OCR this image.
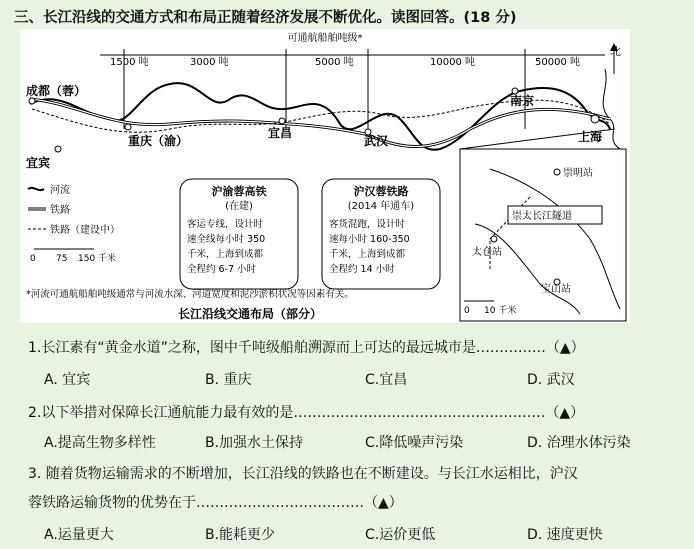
三、长江沿线的交通方式和布局正随着经济发展不断优化。读图回答。(18 分)
可通航船舶吨级*
1500 吨	3000 吨	5000 吨	10000 吨	50000 吨
北
成都（蓉）
宜宾
重庆（渝）
宜昌
武汉
南京
上海
河流
铁路
铁路（建设中）
0 75 150 千米
沪渝蓉高铁
(在建)
客运专线，设计时
速全线每小时 350
千米，上海到成都
全程约 6-7 小时
沪汉蓉铁路
(2014 年通车)
客货混跑，设计时
速每小时 160-350
千米，上海到成都
全程约 14 小时
崇太长江隧道
崇明站
太仓站
宝山站
0 10 千米
*河流可通航船舶吨级通常与河流水深、河道宽度和泥沙淤积状况等因素有关。
长江沿线交通布局（部分）
1.长江素有“黄金水道”之称，图中千吨级船舶溯源而上可达的最远城市是……………（▲）
A. 宜宾	B. 重庆	C.宜昌	D. 武汉
2.以下举措对保障长江通航能力最有效的是………………………………………………（▲）
A.提高生物多样性	B.加强水土保持	C.降低噪声污染	D. 治理水体污染
3. 随着货物运输需求的不断增加，长江沿线的铁路也在不断建设。与长江水运相比，沪汉
蓉铁路运输货物的优势在于………………………………（▲）
A.运量更大	B.能耗更少	C.运价更低	D. 速度更快
